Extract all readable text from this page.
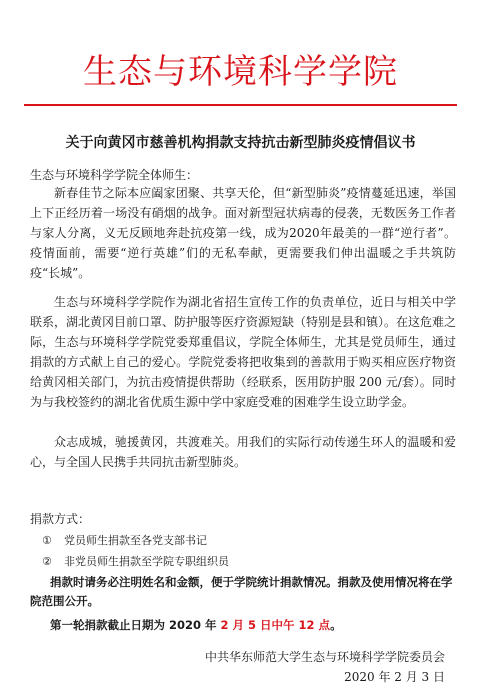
生态与环境科学学院
关于向黄冈市慈善机构捐款支持抗击新型肺炎疫情倡议书
生态与环境科学学院全体师生：
新春佳节之际本应阖家团聚、共享天伦，但“新型肺炎”疫情蔓延迅速，举国上下正经历着一场没有硝烟的战争。面对新型冠状病毒的侵袭，无数医务工作者与家人分离，义无反顾地奔赴抗疫第一线，成为2020年最美的一群“逆行者”。疫情面前，需要“逆行英雄”们的无私奉献，更需要我们伸出温暖之手共筑防疫“长城”。
生态与环境科学学院作为湖北省招生宣传工作的负责单位，近日与相关中学联系，湖北黄冈目前口罩、防护服等医疗资源短缺（特别是县和镇）。在这危难之际，生态与环境科学学院党委郑重倡议，学院全体师生，尤其是党员师生，通过捐款的方式献上自己的爱心。学院党委将把收集到的善款用于购买相应医疗物资给黄冈相关部门，为抗击疫情提供帮助（经联系，医用防护服 200 元/套）。同时为与我校签约的湖北省优质生源中学中家庭受难的困难学生设立助学金。
众志成城，驰援黄冈，共渡难关。用我们的实际行动传递生环人的温暖和爱心，与全国人民携手共同抗击新型肺炎。
捐款方式：
① 党员师生捐款至各党支部书记
② 非党员师生捐款至学院专职组织员
捐款时请务必注明姓名和金额，便于学院统计捐款情况。捐款及使用情况将在学院范围公开。
第一轮捐款截止日期为 2020 年 2 月 5 日中午 12 点。
中共华东师范大学生态与环境科学学院委员会
2020 年 2 月 3 日
